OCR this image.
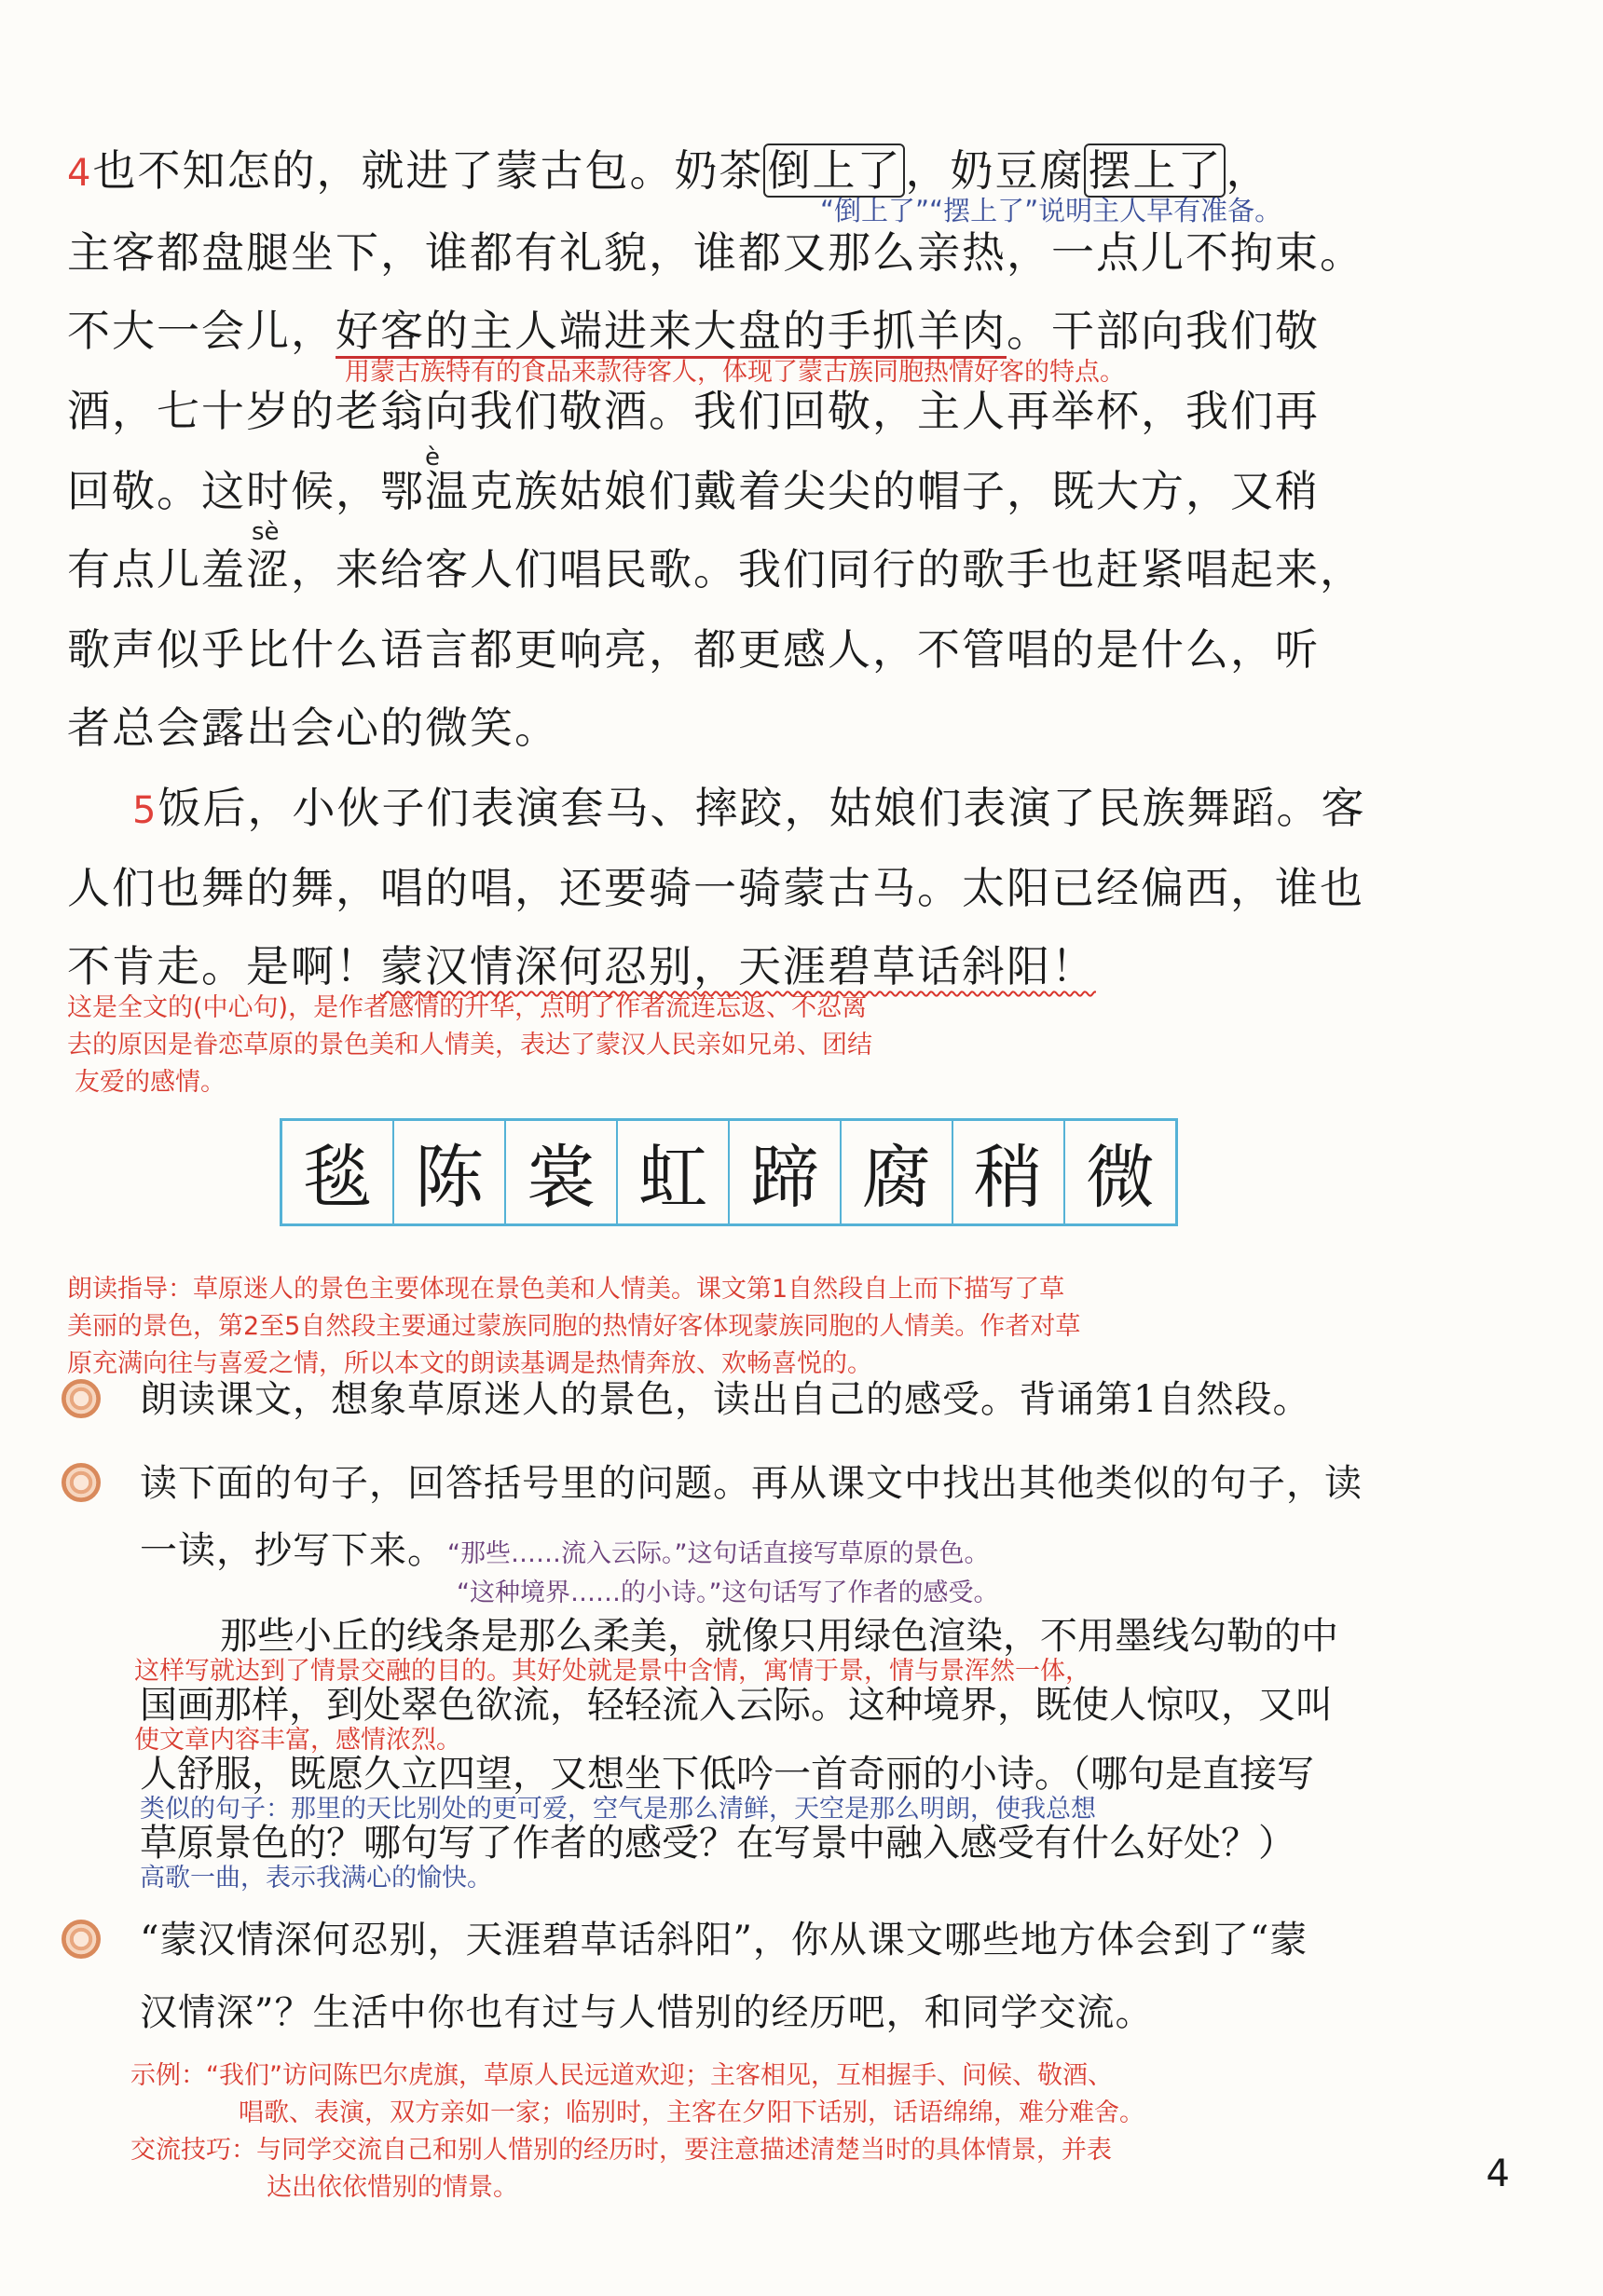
4也不知怎的，就进了蒙古包。奶茶倒上了，奶豆腐摆上了，
“倒上了”“摆上了”说明主人早有准备。
主客都盘腿坐下，谁都有礼貌，谁都又那么亲热，一点儿不拘束。
不大一会儿，好客的主人端进来大盘的手抓羊肉。干部向我们敬
用蒙古族特有的食品来款待客人，体现了蒙古族同胞热情好客的特点。
酒，七十岁的老翁向我们敬酒。我们回敬，主人再举杯，我们再
è
回敬。这时候，鄂温克族姑娘们戴着尖尖的帽子，既大方，又稍
sè
有点儿羞涩，来给客人们唱民歌。我们同行的歌手也赶紧唱起来，
歌声似乎比什么语言都更响亮，都更感人，不管唱的是什么，听
者总会露出会心的微笑。
5饭后，小伙子们表演套马、摔跤，姑娘们表演了民族舞蹈。客
人们也舞的舞，唱的唱，还要骑一骑蒙古马。太阳已经偏西，谁也
不肯走。是啊！蒙汉情深何忍别，天涯碧草话斜阳！
这是全文的(中心句)，是作者感情的升华，点明了作者流连忘返、不忍离
去的原因是眷恋草原的景色美和人情美，表达了蒙汉人民亲如兄弟、团结
友爱的感情。
毯 陈 裳 虹 蹄 腐 稍 微
朗读指导：草原迷人的景色主要体现在景色美和人情美。课文第1自然段自上而下描写了草
美丽的景色，第2至5自然段主要通过蒙族同胞的热情好客体现蒙族同胞的人情美。作者对草
原充满向往与喜爱之情，所以本文的朗读基调是热情奔放、欢畅喜悦的。
朗读课文，想象草原迷人的景色，读出自己的感受。背诵第1自然段。
读下面的句子，回答括号里的问题。再从课文中找出其他类似的句子，读
一读，抄写下来。 “那些……流入云际。”这句话直接写草原的景色。
“这种境界……的小诗。”这句话写了作者的感受。
那些小丘的线条是那么柔美，就像只用绿色渲染，不用墨线勾勒的中
这样写就达到了情景交融的目的。其好处就是景中含情，寓情于景，情与景浑然一体，
国画那样，到处翠色欲流，轻轻流入云际。这种境界，既使人惊叹，又叫
使文章内容丰富，感情浓烈。
人舒服，既愿久立四望，又想坐下低吟一首奇丽的小诗。（哪句是直接写
类似的句子：那里的天比别处的更可爱，空气是那么清鲜，天空是那么明朗，使我总想
草原景色的？哪句写了作者的感受？在写景中融入感受有什么好处？）
高歌一曲，表示我满心的愉快。
“蒙汉情深何忍别，天涯碧草话斜阳”，你从课文哪些地方体会到了“蒙
汉情深”？生活中你也有过与人惜别的经历吧，和同学交流。
示例：“我们”访问陈巴尔虎旗，草原人民远道欢迎；主客相见，互相握手、问候、敬酒、
唱歌、表演，双方亲如一家；临别时，主客在夕阳下话别，话语绵绵，难分难舍。
交流技巧：与同学交流自己和别人惜别的经历时，要注意描述清楚当时的具体情景，并表
达出依依惜别的情景。	4
